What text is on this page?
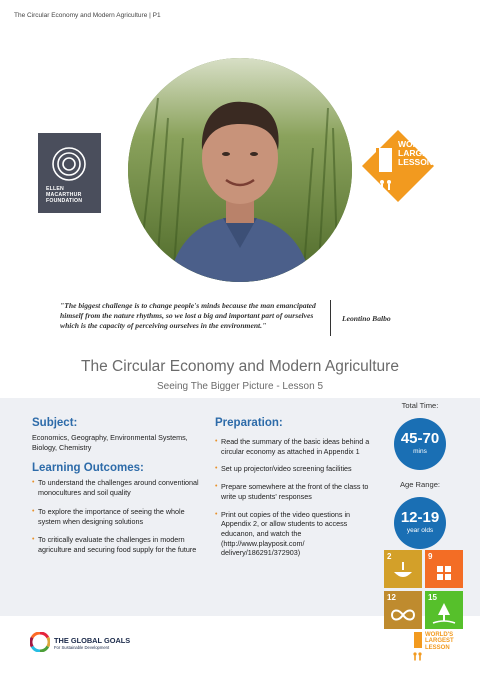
The Circular Economy and Modern Agriculture | P1
ELLEN
MACARTHUR
FOUNDATION
WORLD'S
LARGEST
LESSON
"The biggest challenge is to change people's minds because the man emancipated himself from the nature rhythms, so we lost a big and important part of ourselves which is the capacity of perceiving ourselves in the environment."
Leontino Balbo
The Circular Economy and Modern Agriculture
Seeing The Bigger Picture - Lesson 5
Subject:
Economics, Geography, Environmental Systems, Biology, Chemistry
Learning Outcomes:
• To understand the challenges around conventional monocultures and soil quality
• To explore the importance of seeing the whole system when designing solutions
• To critically evaluate the challenges in modern agriculture and securing food supply for the future
Preparation:
• Read the summary of the basic ideas behind a circular economy as attached in Appendix 1
• Set up projector/video screening facilities
• Prepare somewhere at the front of the class to write up students' responses
• Print out copies of the video questions in Appendix 2, or allow students to access educanon, and watch the (http://www.playposit.com/ delivery/186291/372903)
Total Time:
45-70
mins
Age Range:
12-19
year olds
2	9
12	15
THE GLOBAL GOALS
For Sustainable Development
WORLD'S
LARGEST
LESSON
